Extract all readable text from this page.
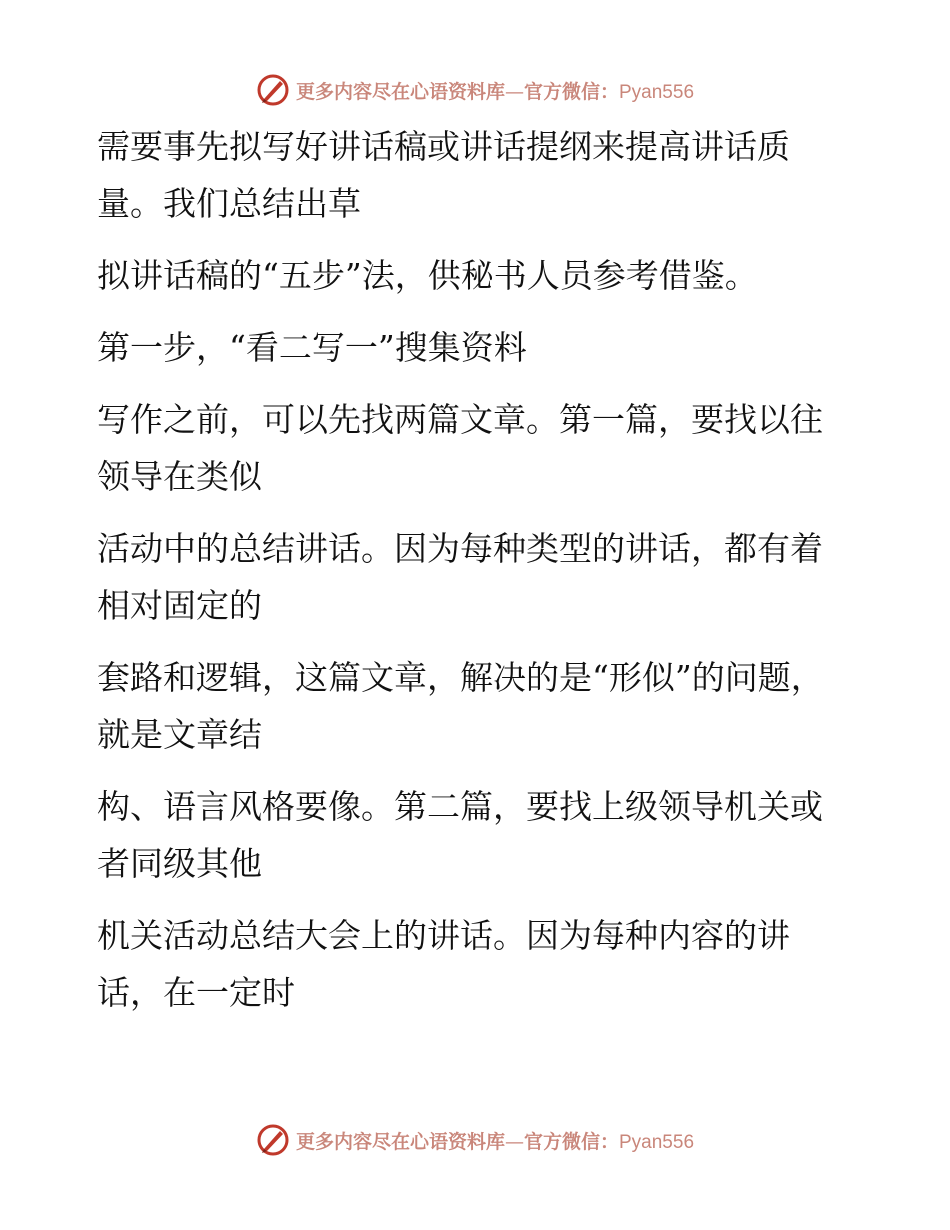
更多内容尽在心语资料库—官方微信：Pyan556

需要事先拟写好讲话稿或讲话提纲来提高讲话质量。我们总结出草

拟讲话稿的“五步”法，供秘书人员参考借鉴。

第一步，“看二写一”搜集资料

写作之前，可以先找两篇文章。第一篇，要找以往领导在类似

活动中的总结讲话。因为每种类型的讲话，都有着相对固定的

套路和逻辑，这篇文章，解决的是“形似”的问题，就是文章结

构、语言风格要像。第二篇，要找上级领导机关或者同级其他

机关活动总结大会上的讲话。因为每种内容的讲话，在一定时

更多内容尽在心语资料库—官方微信：Pyan556
